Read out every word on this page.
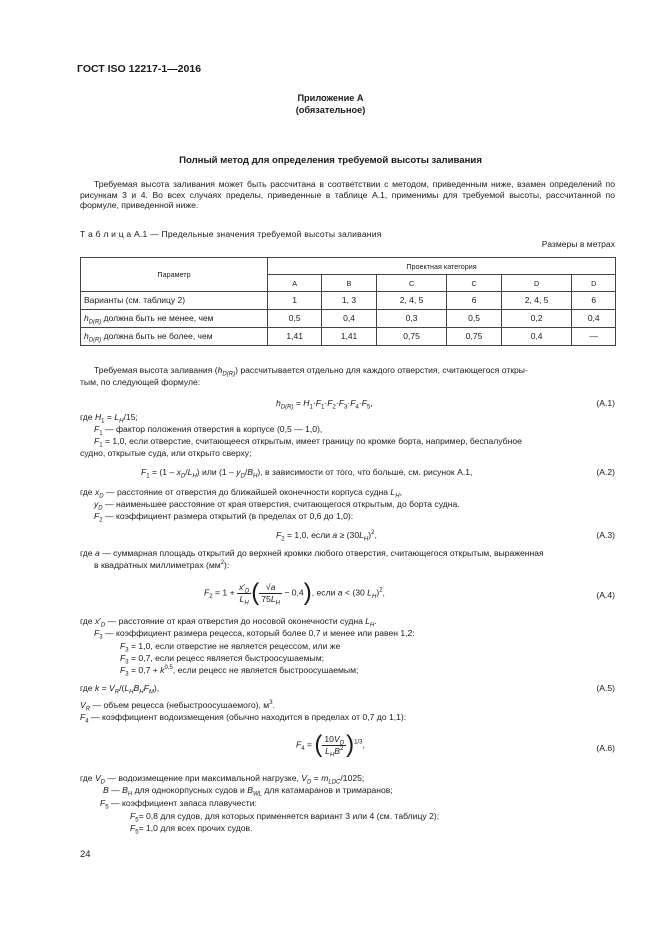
ГОСТ ISO 12217-1—2016
Приложение А
(обязательное)
Полный метод для определения требуемой высоты заливания
Требуемая высота заливания может быть рассчитана в соответствии с методом, приведенным ниже, взамен определений по рисункам 3 и 4. Во всех случаях пределы, приведенные в таблице А.1, применимы для требуемой высоты, рассчитанной по формуле, приведенной ниже.
Т а б л и ц а А.1 — Предельные значения требуемой высоты заливания
Размеры в метрах
Параметр	Проектная категория					
	A	B	C	C	D	D
Варианты (см. таблицу 2)	1	1, 3	2, 4, 5	6	2, 4, 5	6
$h_{D(R)}$ должна быть не менее, чем	0,5	0,4	0,3	0,5	0,2	0,4
$h_{D(R)}$ должна быть не более, чем	1,41	1,41	0,75	0,75	0,4	—
Требуемая высота заливания $(h_{D(R)})$ рассчитывается отдельно для каждого отверстия, считающегося откры-
тым, по следующей формуле:
$h_{D(R)} = H_1\cdot F_1\cdot F_2\cdot F_3\cdot F_4\cdot F_5$,	(A.1)
где $H_1 = L_H/15$;
$F_1$ — фактор положения отверстия в корпусе (0,5 — 1,0),
$F_1 = 1,0$, если отверстие, считающееся открытым, имеет границу по кромке борта, например, беспалубное
судно, открытые суда, или открыто сверху;
$F_1 = (1 - x_D/L_H)$ или $(1 - y_D/B_H)$, в зависимости от того, что больше, см. рисунок А.1,	(A.2)
где $x_D$ — расстояние от отверстия до ближайшей оконечности корпуса судна $L_H$,
$y_D$ — наименьшее расстояние от края отверстия, считающегося открытым, до борта судна.
$F_2$ — коэффициент размера открытий (в пределах от 0,6 до 1,0):
$F_2 = 1,0$, если $a \ge (30L_H)^2$,	(A.3)
где a — суммарная площадь открытий до верхней кромки любого отверстия, считающегося открытым, выраженная
в квадратных миллиметрах $(мм^2)$:
$F_2 = 1 + \frac{x'_D}{L_H}$ ( $\frac{√a}{75L_H} - 0,4$), если a < (30 $L_H)^2$,	(A.4)
где $x'_D$ — расстояние от края отверстия до носовой оконечности судна $L_H$.
$F_3$ — коэффициент размера рецесса, который более 0,7 и менее или равен 1,2:
$F_3 = 1,0$, если отверстие не является рецессом, или же
$F_3 = 0,7$, если рецесс является быстроосушаемым;
$F_3 = 0,7 + k^{0,5}$, если рецесс не является быстроосушаемым;
где $k = V_R/(L_HB_HF_M)$,	(A.5)
$V_R$ — объем рецесса (небыстроосушаемого), $м^3$.
$F_4$ — коэффициент водоизмещения (обычно находится в пределах от 0,7 до 1,1):
$F_4$ = ( $\frac{10V_D}{L_HB^2} )^{1/3}$,	(A.6)
где $V_D$ — водоизмещение при максимальной нагрузке, $V_D = m_{LDC}/1025$;
B — $B_H$ для однокорпусных судов и $B_{WL}$ для катамаранов и тримаранов;
$F_5$ — коэффициент запаса плавучести:
$F_5= 0,8$ для судов, для которых применяется вариант 3 или 4 (см. таблицу 2);
$F_5= 1,0$ для всех прочих судов.
24
